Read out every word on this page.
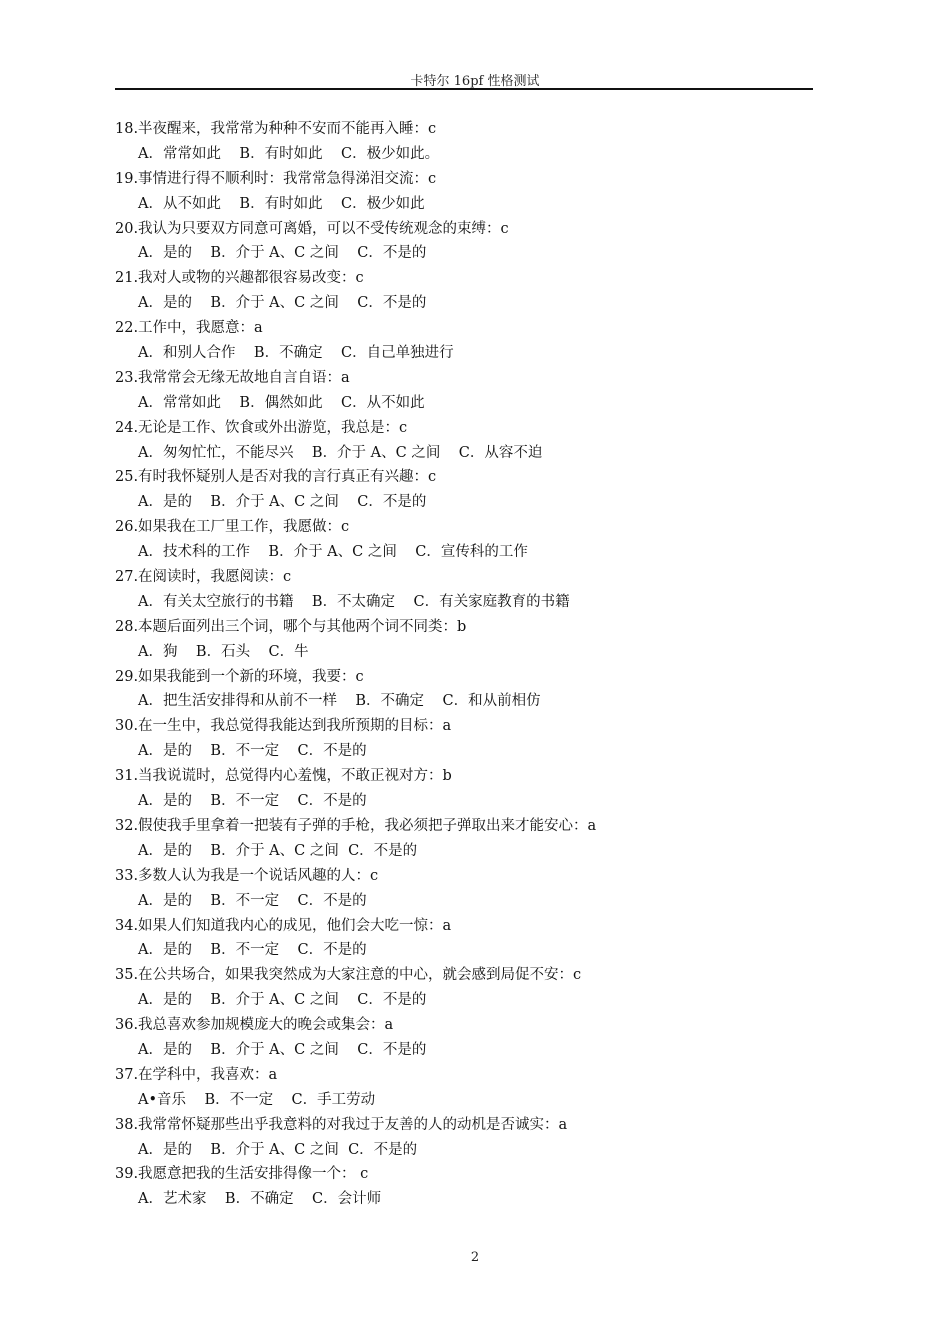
卡特尔 16pf 性格测试
18.半夜醒来，我常常为种种不安而不能再入睡：c
A．常常如此    B．有时如此    C．极少如此。
19.事情进行得不顺利时：我常常急得涕泪交流：c
A．从不如此    B．有时如此    C．极少如此
20.我认为只要双方同意可离婚，可以不受传统观念的束缚：c
A．是的    B．介于 A、C 之间    C．不是的
21.我对人或物的兴趣都很容易改变：c
A．是的    B．介于 A、C 之间    C．不是的
22.工作中，我愿意：a
A．和别人合作    B．不确定    C．自己单独进行
23.我常常会无缘无故地自言自语：a
A．常常如此    B．偶然如此    C．从不如此
24.无论是工作、饮食或外出游览，我总是：c
A．匆匆忙忙，不能尽兴    B．介于 A、C 之间    C．从容不迫
25.有时我怀疑别人是否对我的言行真正有兴趣：c
A．是的    B．介于 A、C 之间    C．不是的
26.如果我在工厂里工作，我愿做：c
A．技术科的工作    B．介于 A、C 之间    C．宣传科的工作
27.在阅读时，我愿阅读：c
A．有关太空旅行的书籍    B．不太确定    C．有关家庭教育的书籍
28.本题后面列出三个词，哪个与其他两个词不同类：b
A．狗    B．石头    C．牛
29.如果我能到一个新的环境，我要：c
A．把生活安排得和从前不一样    B．不确定    C．和从前相仿
30.在一生中，我总觉得我能达到我所预期的目标：a
A．是的    B．不一定    C．不是的
31.当我说谎时，总觉得内心羞愧，不敢正视对方：b
A．是的    B．不一定    C．不是的
32.假使我手里拿着一把装有子弹的手枪，我必须把子弹取出来才能安心：a
A．是的    B．介于 A、C 之间  C．不是的
33.多数人认为我是一个说话风趣的人：c
A．是的    B．不一定    C．不是的
34.如果人们知道我内心的成见，他们会大吃一惊：a
A．是的    B．不一定    C．不是的
35.在公共场合，如果我突然成为大家注意的中心，就会感到局促不安：c
A．是的    B．介于 A、C 之间    C．不是的
36.我总喜欢参加规模庞大的晚会或集会：a
A．是的    B．介于 A、C 之间    C．不是的
37.在学科中，我喜欢：a
A•音乐    B．不一定    C．手工劳动
38.我常常怀疑那些出乎我意料的对我过于友善的人的动机是否诚实：a
A．是的    B．介于 A、C 之间  C．不是的
39.我愿意把我的生活安排得像一个： c
A．艺术家    B．不确定    C．会计师
2
